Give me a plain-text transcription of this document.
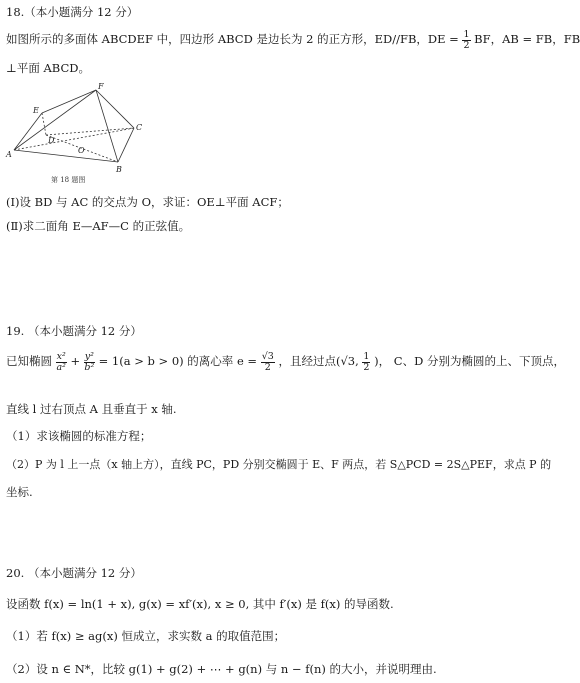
18.（本小题满分 12 分）
如图所示的多面体 ABCDEF 中，四边形 ABCD 是边长为 2 的正方形，ED//FB，DE = $\frac{1}{2}$ BF，AB = FB，FB
⊥平面 ABCD。
F
E
D
C
O
A
B
第 18 题图
(Ⅰ)设 BD 与 AC 的交点为 O，求证：OE⊥平面 ACF；
(Ⅱ)求二面角 E—AF—C 的正弦值。
19. （本小题满分 12 分）
已知椭圆 $\frac{\text{x²}}{\text{a²}} + \frac{\text{y²}}{\text{b²}} = 1(a > b > 0)$ 的离心率 $e = \frac{√3}{2}$ ，且经过点(√3, $\frac{1}{2}$ )， C、D 分别为椭圆的上、下顶点，
直线 l 过右顶点 A 且垂直于 x 轴.
（1）求该椭圆的标准方程；
（2）P 为 l 上一点（x 轴上方），直线 PC，PD 分别交椭圆于 E、F 两点，若 S△PCD = 2S△PEF，求点 P 的
坐标.
20. （本小题满分 12 分）
设函数 f(x) = ln(1 + x), g(x) = xf′(x), x ≥ 0, 其中 f′(x) 是 f(x) 的导函数.
（1）若 f(x) ≥ ag(x) 恒成立，求实数 a 的取值范围；
（2）设 n ∈ N*，比较 g(1) + g(2) + ⋯ + g(n) 与 n − f(n) 的大小，并说明理由.
